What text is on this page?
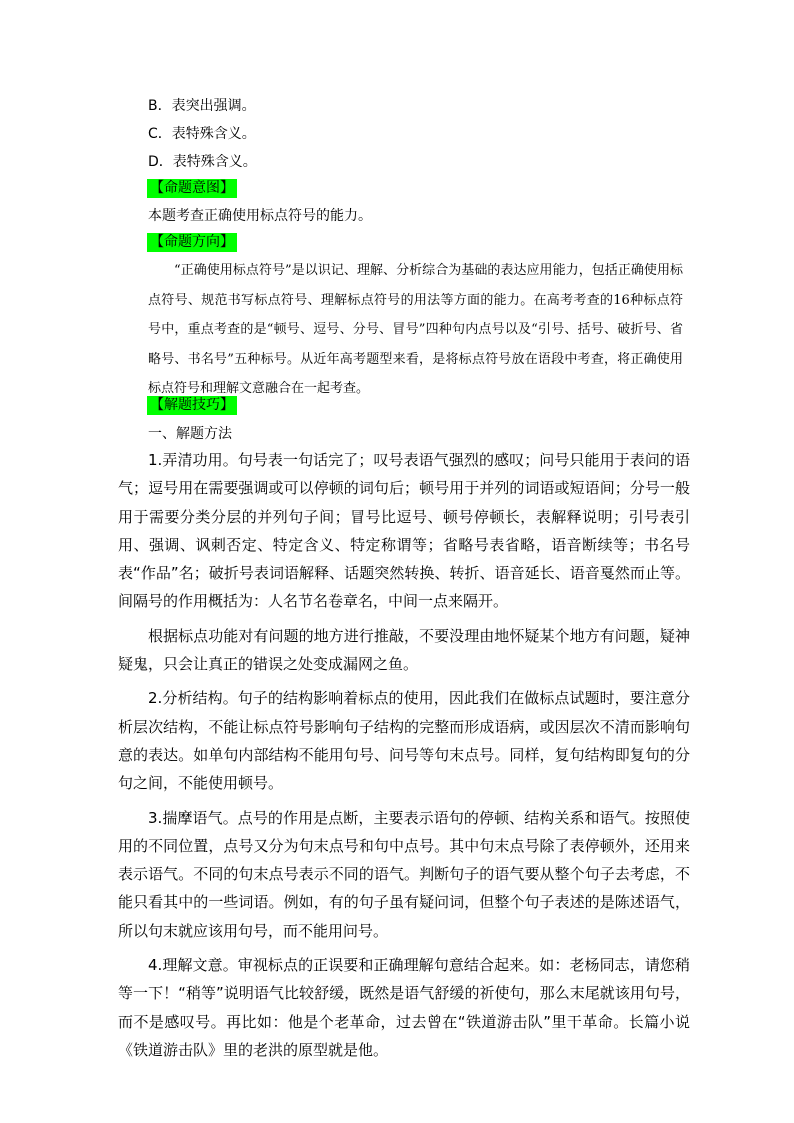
B．表突出强调。
C．表特殊含义。
D．表特殊含义。
【命题意图】
本题考查正确使用标点符号的能力。
【命题方向】

“正确使用标点符号”是以识记、理解、分析综合为基础的表达应用能力，包括正确使用标点符号、规范书写标点符号、理解标点符号的用法等方面的能力。在高考考查的16种标点符号中，重点考查的是“顿号、逗号、分号、冒号”四种句内点号以及“引号、括号、破折号、省略号、书名号”五种标号。从近年高考题型来看，是将标点符号放在语段中考查，将正确使用标点符号和理解文意融合在一起考查。

【解题技巧】
一、解题方法

1.弄清功用。句号表一句话完了；叹号表语气强烈的感叹；问号只能用于表问的语气；逗号用在需要强调或可以停顿的词句后；顿号用于并列的词语或短语间；分号一般用于需要分类分层的并列句子间；冒号比逗号、顿号停顿长，表解释说明；引号表引用、强调、讽刺否定、特定含义、特定称谓等；省略号表省略，语音断续等；书名号表“作品”名；破折号表词语解释、话题突然转换、转折、语音延长、语音戛然而止等。间隔号的作用概括为：人名节名卷章名，中间一点来隔开。

根据标点功能对有问题的地方进行推敲，不要没理由地怀疑某个地方有问题，疑神疑鬼，只会让真正的错误之处变成漏网之鱼。

2.分析结构。句子的结构影响着标点的使用，因此我们在做标点试题时，要注意分析层次结构，不能让标点符号影响句子结构的完整而形成语病，或因层次不清而影响句意的表达。如单句内部结构不能用句号、问号等句末点号。同样，复句结构即复句的分句之间，不能使用顿号。

3.揣摩语气。点号的作用是点断，主要表示语句的停顿、结构关系和语气。按照使用的不同位置，点号又分为句末点号和句中点号。其中句末点号除了表停顿外，还用来表示语气。不同的句末点号表示不同的语气。判断句子的语气要从整个句子去考虑，不能只看其中的一些词语。例如，有的句子虽有疑问词，但整个句子表述的是陈述语气，所以句末就应该用句号，而不能用问号。

4.理解文意。审视标点的正误要和正确理解句意结合起来。如：老杨同志，请您稍等一下！“稍等”说明语气比较舒缓，既然是语气舒缓的祈使句，那么末尾就该用句号，而不是感叹号。再比如：他是个老革命，过去曾在“铁道游击队”里干革命。长篇小说《铁道游击队》里的老洪的原型就是他。
